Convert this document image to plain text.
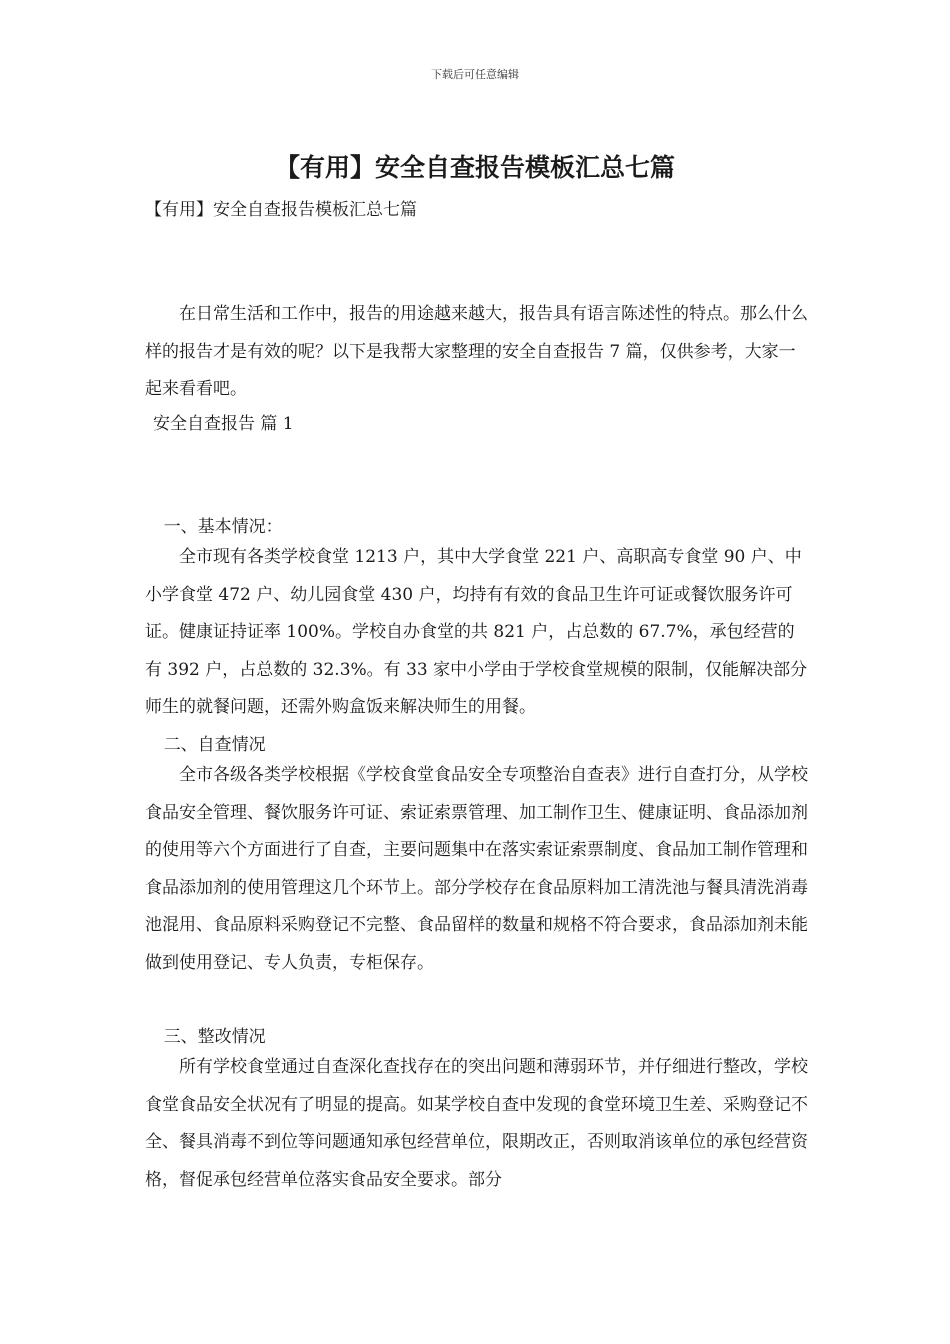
下载后可任意编辑
【有用】安全自查报告模板汇总七篇
【有用】安全自查报告模板汇总七篇

在日常生活和工作中，报告的用途越来越大，报告具有语言陈述性的特点。那么什么样的报告才是有效的呢？以下是我帮大家整理的安全自查报告 7 篇，仅供参考，大家一起来看看吧。

安全自查报告 篇 1
一、基本情况：

全市现有各类学校食堂 1213 户，其中大学食堂 221 户、高职高专食堂 90 户、中小学食堂 472 户、幼儿园食堂 430 户，均持有有效的食品卫生许可证或餐饮服务许可证。健康证持证率 100%。学校自办食堂的共 821 户，占总数的 67.7%，承包经营的有 392 户，占总数的 32.3%。有 33 家中小学由于学校食堂规模的限制，仅能解决部分师生的就餐问题，还需外购盒饭来解决师生的用餐。

二、自查情况

全市各级各类学校根据《学校食堂食品安全专项整治自查表》进行自查打分，从学校食品安全管理、餐饮服务许可证、索证索票管理、加工制作卫生、健康证明、食品添加剂的使用等六个方面进行了自查，主要问题集中在落实索证索票制度、食品加工制作管理和食品添加剂的使用管理这几个环节上。部分学校存在食品原料加工清洗池与餐具清洗消毒池混用、食品原料采购登记不完整、食品留样的数量和规格不符合要求，食品添加剂未能做到使用登记、专人负责，专柜保存。

三、整改情况

所有学校食堂通过自查深化查找存在的突出问题和薄弱环节，并仔细进行整改，学校食堂食品安全状况有了明显的提高。如某学校自查中发现的食堂环境卫生差、采购登记不全、餐具消毒不到位等问题通知承包经营单位，限期改正，否则取消该单位的承包经营资格，督促承包经营单位落实食品安全要求。部分
